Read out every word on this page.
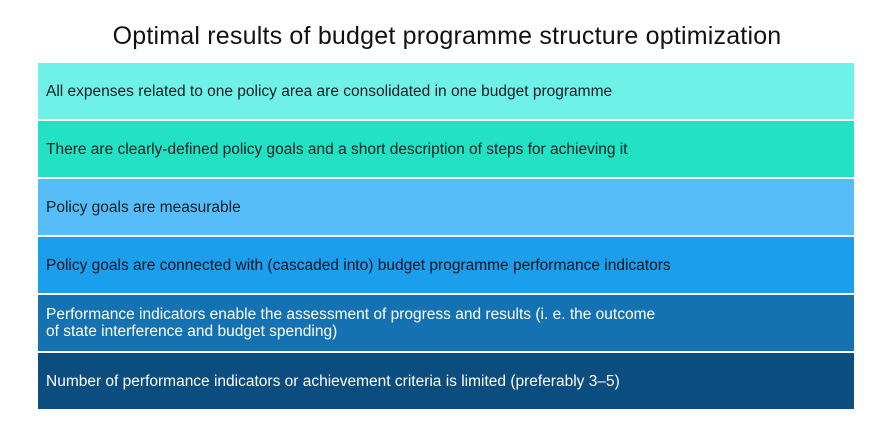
Optimal results of budget programme structure optimization
All expenses related to one policy area are consolidated in one budget programme
There are clearly-defined policy goals and a short description of steps for achieving it
Policy goals are measurable
Policy goals are connected with (cascaded into) budget programme performance indicators
Performance indicators enable the assessment of progress and results (i. e. the outcome
of state interference and budget spending)
Number of performance indicators or achievement criteria is limited (preferably 3–5)
